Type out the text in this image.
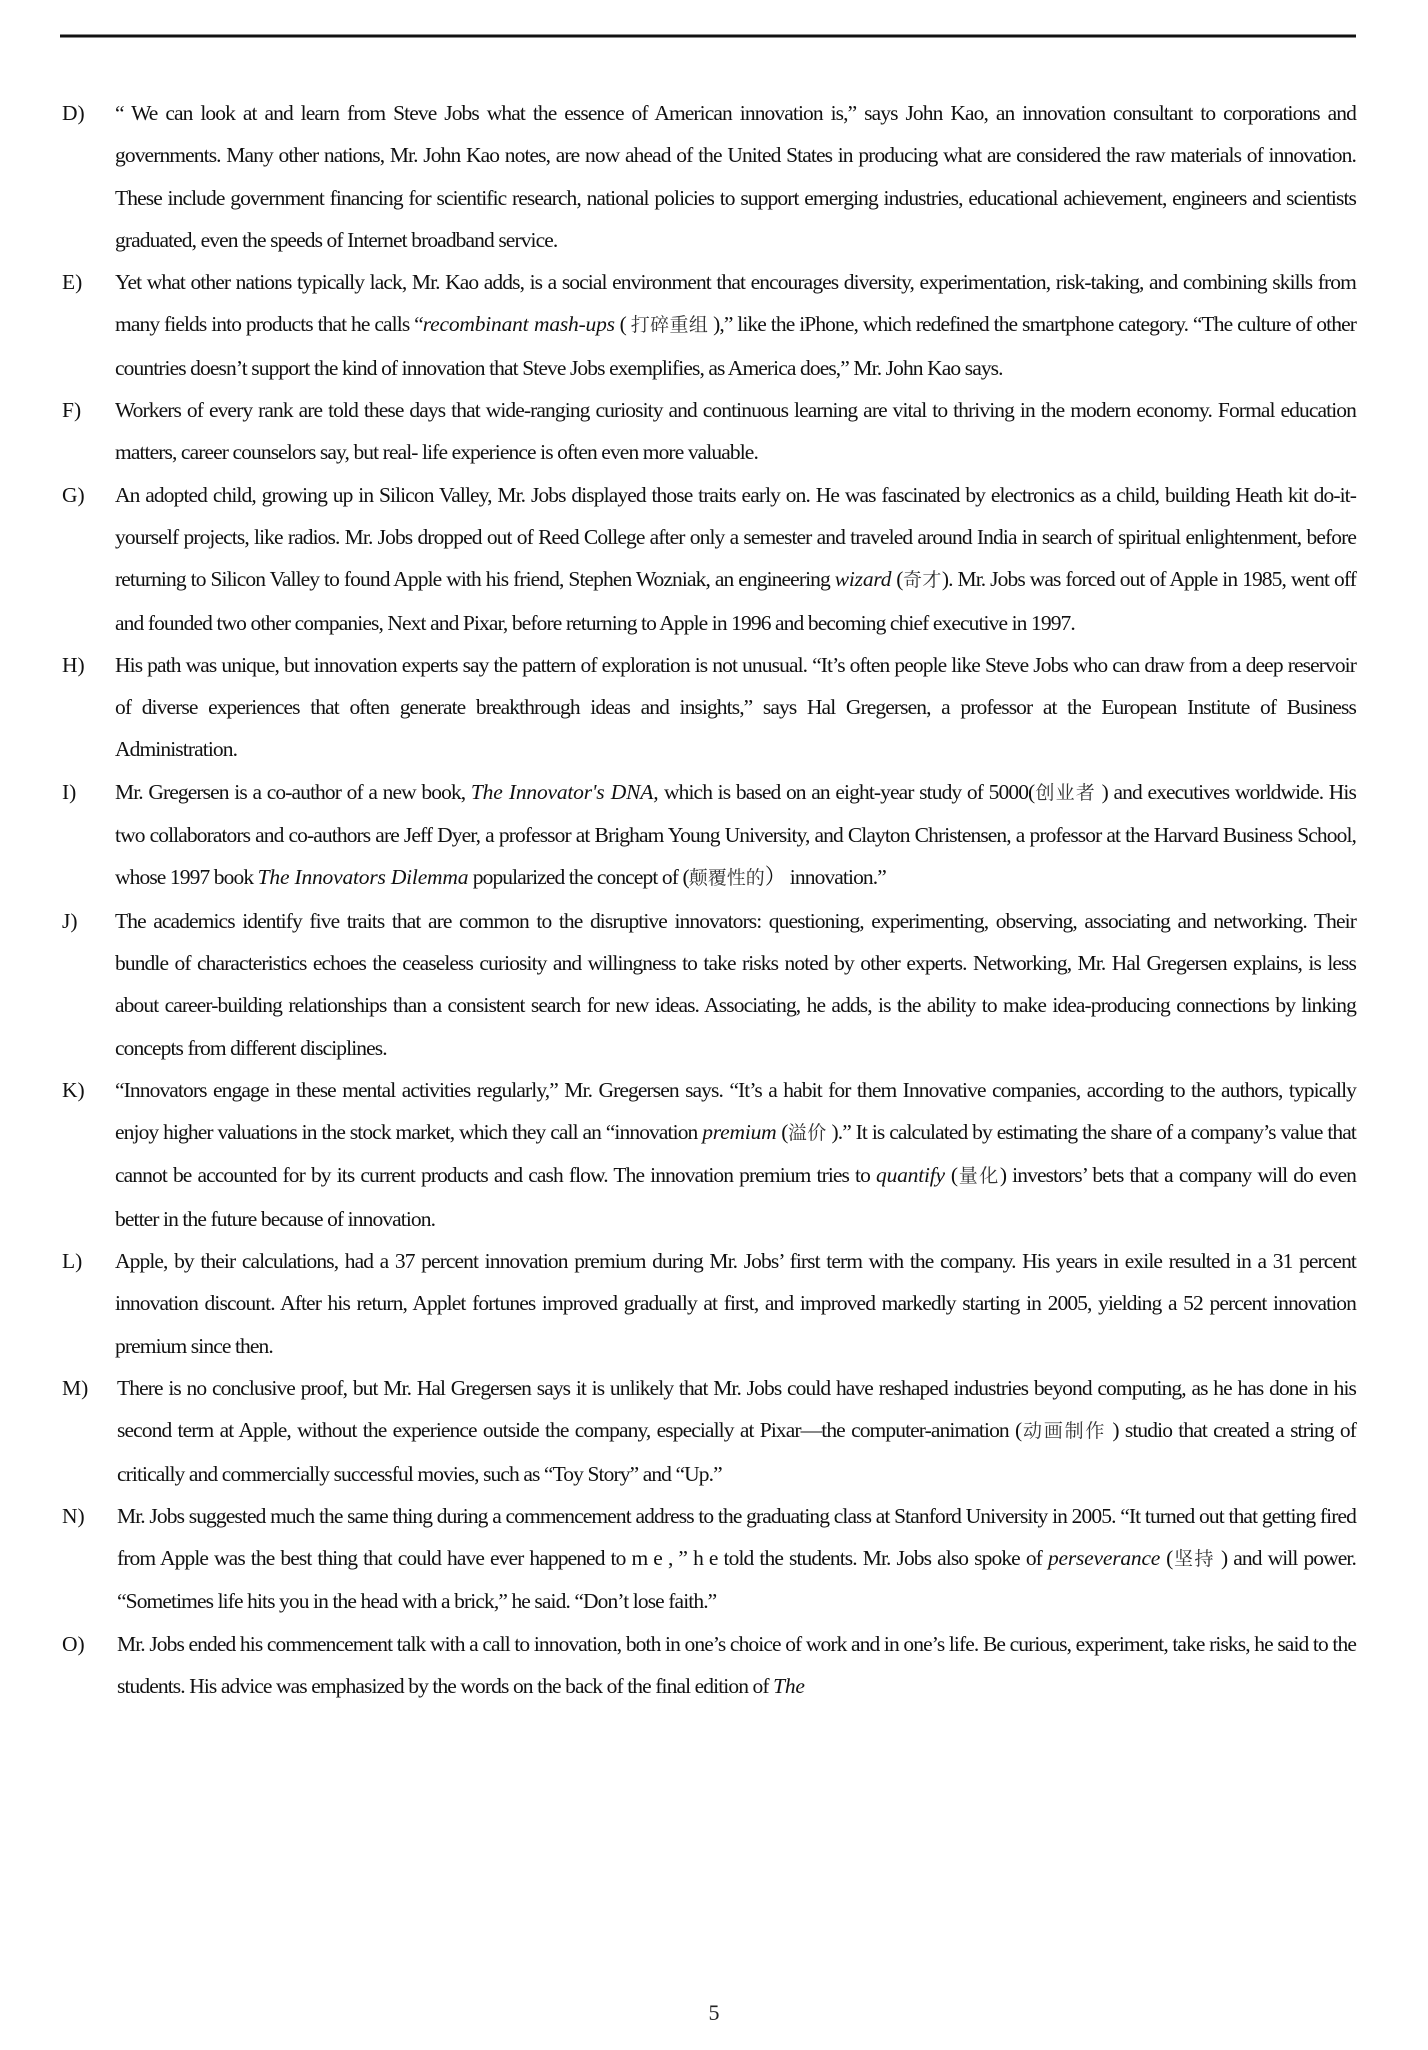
D) “ We can look at and learn from Steve Jobs what the essence of American innovation is,” says John Kao, an innovation consultant to corporations and governments. Many other nations, Mr. John Kao notes, are now ahead of the United States in producing what are considered the raw materials of innovation. These include government financing for scientific research, national policies to support emerging industries, educational achievement, engineers and scientists graduated, even the speeds of Internet broadband service.
E) Yet what other nations typically lack, Mr. Kao adds, is a social environment that encourages diversity, experimentation, risk-taking, and combining skills from many fields into products that he calls “recombinant mash-ups ( 打碎重组 ),” like the iPhone, which redefined the smartphone category. “The culture of other countries doesn’t support the kind of innovation that Steve Jobs exemplifies, as America does,” Mr. John Kao says.
F) Workers of every rank are told these days that wide-ranging curiosity and continuous learning are vital to thriving in the modern economy. Formal education matters, career counselors say, but real- life experience is often even more valuable.
G) An adopted child, growing up in Silicon Valley, Mr. Jobs displayed those traits early on. He was fascinated by electronics as a child, building Heath kit do-it-yourself projects, like radios. Mr. Jobs dropped out of Reed College after only a semester and traveled around India in search of spiritual enlightenment, before returning to Silicon Valley to found Apple with his friend, Stephen Wozniak, an engineering wizard (奇才). Mr. Jobs was forced out of Apple in 1985, went off and founded two other companies, Next and Pixar, before returning to Apple in 1996 and becoming chief executive in 1997.
H) His path was unique, but innovation experts say the pattern of exploration is not unusual. “It’s often people like Steve Jobs who can draw from a deep reservoir of diverse experiences that often generate breakthrough ideas and insights,” says Hal Gregersen, a professor at the European Institute of Business Administration.
I) Mr. Gregersen is a co-author of a new book, The Innovator's DNA, which is based on an eight-year study of 5000(创业者 ) and executives worldwide. His two collaborators and co-authors are Jeff Dyer, a professor at Brigham Young University, and Clayton Christensen, a professor at the Harvard Business School, whose 1997 book The Innovators Dilemma popularized the concept of (颠覆性的） innovation.”
J) The academics identify five traits that are common to the disruptive innovators: questioning, experimenting, observing, associating and networking. Their bundle of characteristics echoes the ceaseless curiosity and willingness to take risks noted by other experts. Networking, Mr. Hal Gregersen explains, is less about career-building relationships than a consistent search for new ideas. Associating, he adds, is the ability to make idea-producing connections by linking concepts from different disciplines.
K) “Innovators engage in these mental activities regularly,” Mr. Gregersen says. “It’s a habit for them Innovative companies, according to the authors, typically enjoy higher valuations in the stock market, which they call an “innovation premium (溢价 ).” It is calculated by estimating the share of a company’s value that cannot be accounted for by its current products and cash flow. The innovation premium tries to quantify (量化) investors’ bets that a company will do even better in the future because of innovation.
L) Apple, by their calculations, had a 37 percent innovation premium during Mr. Jobs’ first term with the company. His years in exile resulted in a 31 percent innovation discount. After his return, Applet fortunes improved gradually at first, and improved markedly starting in 2005, yielding a 52 percent innovation premium since then.
M) There is no conclusive proof, but Mr. Hal Gregersen says it is unlikely that Mr. Jobs could have reshaped industries beyond computing, as he has done in his second term at Apple, without the experience outside the company, especially at Pixar—the computer-animation (动画制作 ) studio that created a string of critically and commercially successful movies, such as “Toy Story” and “Up.”
N) Mr. Jobs suggested much the same thing during a commencement address to the graduating class at Stanford University in 2005. “It turned out that getting fired from Apple was the best thing that could have ever happened to m e , ” h e told the students. Mr. Jobs also spoke of perseverance (坚持 ) and will power. “Sometimes life hits you in the head with a brick,” he said. “Don’t lose faith.”
O) Mr. Jobs ended his commencement talk with a call to innovation, both in one’s choice of work and in one’s life. Be curious, experiment, take risks, he said to the students. His advice was emphasized by the words on the back of the final edition of The
5
